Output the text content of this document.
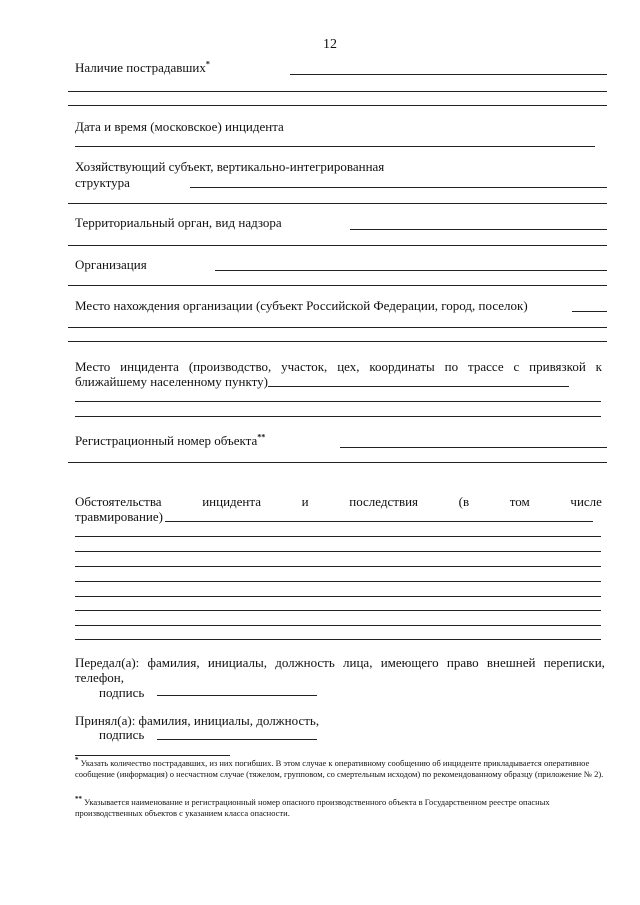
12
Наличие пострадавших*
Дата и время (московское) инцидента
Хозяйствующий субъект, вертикально-интегрированная
структура
Территориальный орган, вид надзора
Организация
Место нахождения организации (субъект Российской Федерации, город, поселок)
Место инцидента (производство, участок, цех, координаты по трассе с привязкой к
ближайшему населенному пункту)
Регистрационный номер объекта**
Обстоятельства	инцидента	и	последствия	(в	том	числе
травмирование)
Передал(а): фамилия, инициалы, должность лица, имеющего право внешней переписки,
телефон,
подпись
Принял(а): фамилия, инициалы, должность,
подпись
* Указать количество пострадавших, из них погибших. В этом случае к оперативному сообщению об инциденте прикладывается оперативное сообщение (информация) о несчастном случае (тяжелом, групповом, со смертельным исходом) по рекомендованному образцу (приложение № 2).
** Указывается наименование и регистрационный номер опасного производственного объекта в Государственном реестре опасных производственных объектов с указанием класса опасности.
